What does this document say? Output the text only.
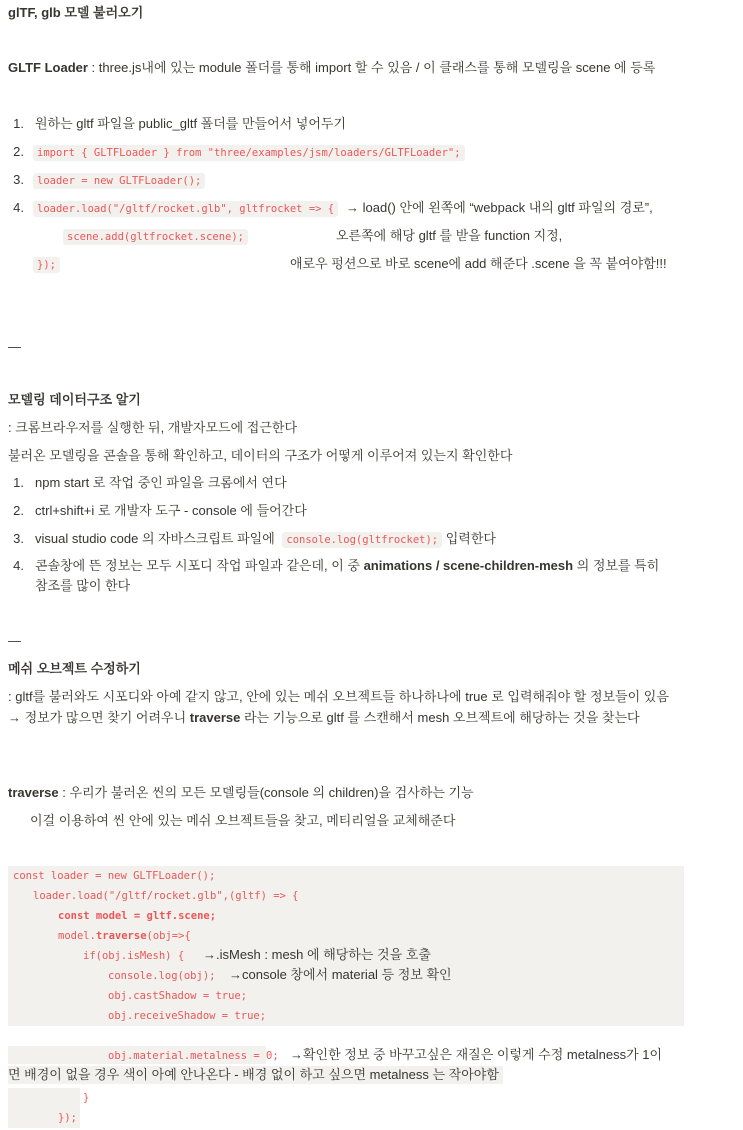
glTF, glb 모델 불러오기
GLTF Loader : three.js내에 있는 module 폴더를 통해 import 할 수 있음 / 이 클래스를 통해 모델링을 scene 에 등록
1. 원하는 gltf 파일을 public_gltf 폴더를 만들어서 넣어두기
2.	import { GLTFLoader } from "three/examples/jsm/loaders/GLTFLoader";
3.	loader = new GLTFLoader();
4.	loader.load("/gltf/rocket.glb", gltfrocket => { → load() 안에 왼쪽에 “webpack 내의 gltf 파일의 경로”,
scene.add(gltfrocket.scene);	오른쪽에 해당 gltf 를 받을 function 지정,
});	애로우 펑션으로 바로 scene에 add 해준다 .scene 을 꼭 붙여야함!!!
—
모델링 데이터구조 알기
: 크롬브라우저를 실행한 뒤, 개발자모드에 접근한다
불러온 모델링을 콘솔을 통해 확인하고, 데이터의 구조가 어떻게 이루어져 있는지 확인한다
1. npm start 로 작업 중인 파일을 크롬에서 연다
2. ctrl+shift+i 로 개발자 도구 - console 에 들어간다
3. visual studio code 의 자바스크립트 파일에 console.log(gltfrocket); 입력한다
4. 콘솔창에 뜬 정보는 모두 시포디 작업 파일과 같은데, 이 중 animations / scene-children-mesh 의 정보를 특히
참조를 많이 한다
—
메쉬 오브젝트 수정하기
: gltf를 불러와도 시포디와 아예 같지 않고, 안에 있는 메쉬 오브젝트들 하나하나에 true 로 입력해줘야 할 정보들이 있음 → 정보가 많으면 찾기 어려우니 traverse 라는 기능으로 gltf 를 스캔해서 mesh 오브젝트에 해당하는 것을 찾는다
traverse : 우리가 불러온 씬의 모든 모델링들(console 의 children)을 검사하는 기능
이걸 이용하여 씬 안에 있는 메쉬 오브젝트들을 찾고, 메티리얼을 교체해준다
const loader = new GLTFLoader();
loader.load("/gltf/rocket.glb",(gltf) => {
const model = gltf.scene;
model.traverse(obj=>{
if(obj.isMesh) { →.isMesh : mesh 에 해당하는 것을 호출
console.log(obj); →console 창에서 material 등 정보 확인
obj.castShadow = true;
obj.receiveShadow = true;
obj.material.metalness = 0; →확인한 정보 중 바꾸고싶은 재질은 이렇게 수정 metalness가 1이
면 배경이 없을 경우 색이 아예 안나온다 - 배경 없이 하고 싶으면 metalness 는 작아야함
}
});
